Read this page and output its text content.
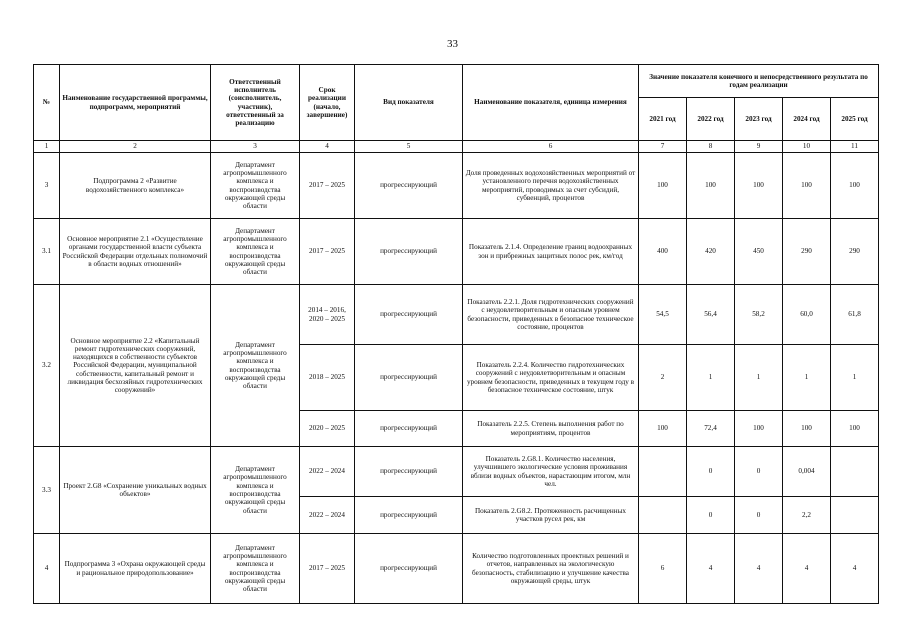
33
№	Наименование государственной программы, подпрограмм, мероприятий	Ответственный исполнитель (соисполнитель, участник), ответственный за реализацию	Срок реализации (начало, завершение)	Вид показателя	Наименование показателя, единица измерения	Значение показателя конечного и непосредственного результата по годам реализации				
						2021 год	2022 год	2023 год	2024 год	2025 год
1	2	3	4	5	6	7	8	9	10	11
3	Подпрограмма 2 «Развитие водохозяйственного комплекса»	Департамент агропромышленного комплекса и воспроизводства окружающей среды области	2017 – 2025	прогрессирующий	Доля проведенных водохозяйственных мероприятий от установленного перечня водохозяйственных мероприятий, проводимых за счет субсидий, субвенций, процентов	100	100	100	100	100
3.1	Основное мероприятие 2.1 «Осуществление органами государственной власти субъекта Российской Федерации отдельных полномочий в области водных отношений»	Департамент агропромышленного комплекса и воспроизводства окружающей среды области	2017 – 2025	прогрессирующий	Показатель 2.1.4. Определение границ водоохранных зон и прибрежных защитных полос рек, км/год	400	420	450	290	290
3.2	Основное мероприятие 2.2 «Капитальный ремонт гидротехнических сооружений, находящихся в собственности субъектов Российской Федерации, муниципальной собственности, капитальный ремонт и ликвидация бесхозяйных гидротехнических сооружений»	Департамент агропромышленного комплекса и воспроизводства окружающей среды области	2014 – 2016, 2020 – 2025	прогрессирующий	Показатель 2.2.1. Доля гидротехнических сооружений с неудовлетворительным и опасным уровнем безопасности, приведенных в безопасное техническое состояние, процентов	54,5	56,4	58,2	60,0	61,8
			2018 – 2025	прогрессирующий	Показатель 2.2.4. Количество гидротехнических сооружений с неудовлетворительным и опасным уровнем безопасности, приведенных в текущем году в безопасное техническое состояние, штук	2	1	1	1	1
			2020 – 2025	прогрессирующий	Показатель 2.2.5. Степень выполнения работ по мероприятиям, процентов	100	72,4	100	100	100
3.3	Проект 2.G8 «Сохранение уникальных водных объектов»	Департамент агропромышленного комплекса и воспроизводства окружающей среды области	2022 – 2024	прогрессирующий	Показатель 2.G8.1. Количество населения, улучшившего экологические условия проживания вблизи водных объектов, нарастающим итогом, млн чел.		0	0	0,004	
			2022 – 2024	прогрессирующий	Показатель 2.G8.2. Протяженность расчищенных участков русел рек, км		0	0	2,2	
4	Подпрограмма 3 «Охрана окружающей среды и рациональное природопользование»	Департамент агропромышленного комплекса и воспроизводства окружающей среды области	2017 – 2025	прогрессирующий	Количество подготовленных проектных решений и отчетов, направленных на экологическую безопасность, стабилизацию и улучшение качества окружающей среды, штук	6	4	4	4	4
